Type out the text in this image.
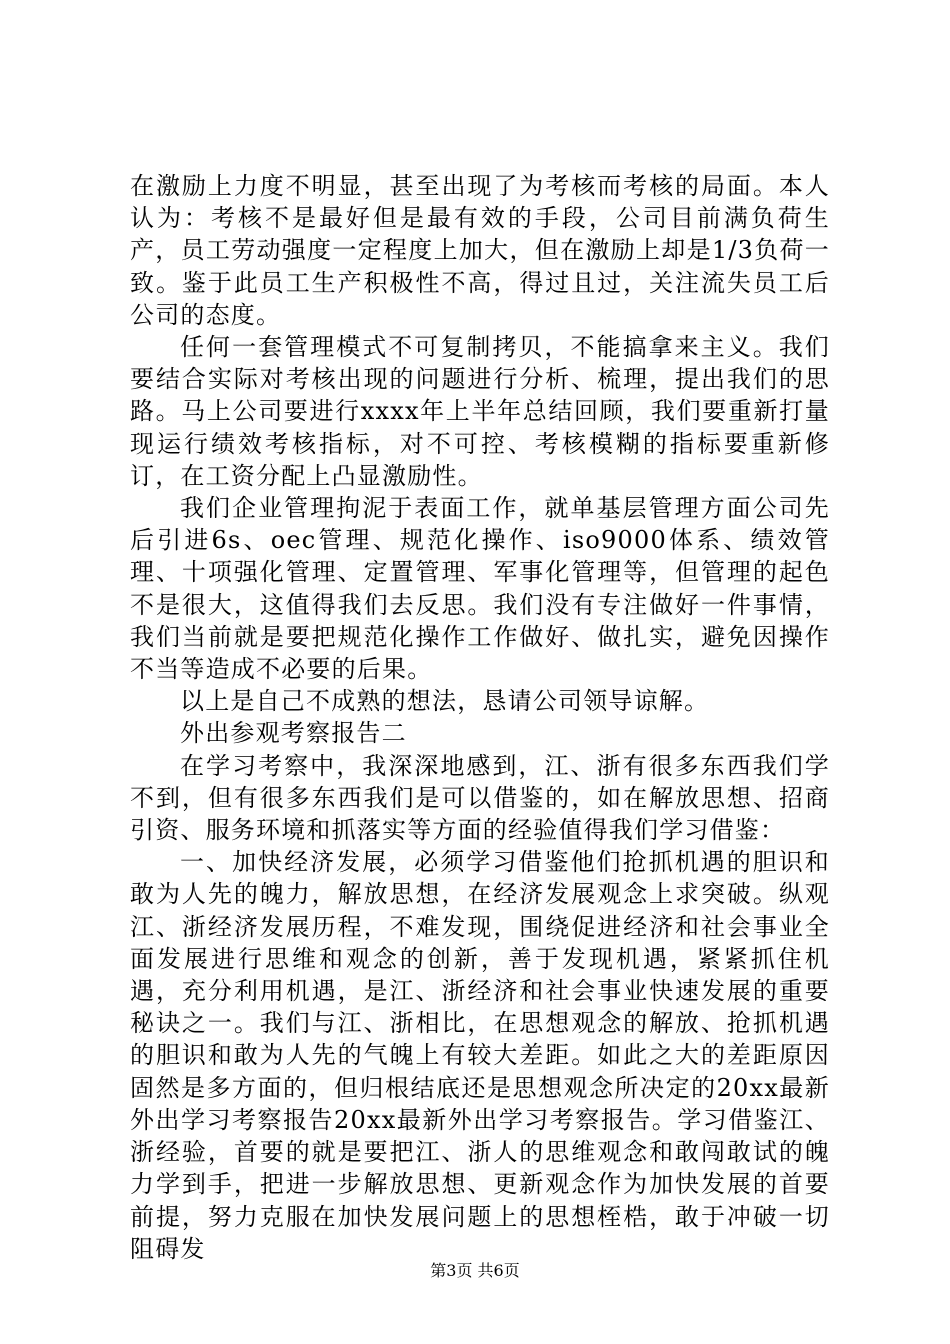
在激励上力度不明显，甚至出现了为考核而考核的局面。本人认为：考核不是最好但是最有效的手段，公司目前满负荷生产，员工劳动强度一定程度上加大，但在激励上却是1/3负荷一致。鉴于此员工生产积极性不高，得过且过，关注流失员工后公司的态度。

任何一套管理模式不可复制拷贝，不能搞拿来主义。我们要结合实际对考核出现的问题进行分析、梳理，提出我们的思路。马上公司要进行xxxx年上半年总结回顾，我们要重新打量现运行绩效考核指标，对不可控、考核模糊的指标要重新修订，在工资分配上凸显激励性。

我们企业管理拘泥于表面工作，就单基层管理方面公司先后引进6s、oec管理、规范化操作、iso9000体系、绩效管理、十项强化管理、定置管理、军事化管理等，但管理的起色不是很大，这值得我们去反思。我们没有专注做好一件事情，我们当前就是要把规范化操作工作做好、做扎实，避免因操作不当等造成不必要的后果。

以上是自己不成熟的想法，恳请公司领导谅解。

外出参观考察报告二

在学习考察中，我深深地感到，江、浙有很多东西我们学不到，但有很多东西我们是可以借鉴的，如在解放思想、招商引资、服务环境和抓落实等方面的经验值得我们学习借鉴：

一、加快经济发展，必须学习借鉴他们抢抓机遇的胆识和敢为人先的魄力，解放思想，在经济发展观念上求突破。纵观江、浙经济发展历程，不难发现，围绕促进经济和社会事业全面发展进行思维和观念的创新，善于发现机遇，紧紧抓住机遇，充分利用机遇，是江、浙经济和社会事业快速发展的重要秘诀之一。我们与江、浙相比，在思想观念的解放、抢抓机遇的胆识和敢为人先的气魄上有较大差距。如此之大的差距原因固然是多方面的，但归根结底还是思想观念所决定的20xx最新外出学习考察报告20xx最新外出学习考察报告。学习借鉴江、浙经验，首要的就是要把江、浙人的思维观念和敢闯敢试的魄力学到手，把进一步解放思想、更新观念作为加快发展的首要前提，努力克服在加快发展问题上的思想桎梏，敢于冲破一切阻碍发

第3页 共6页
